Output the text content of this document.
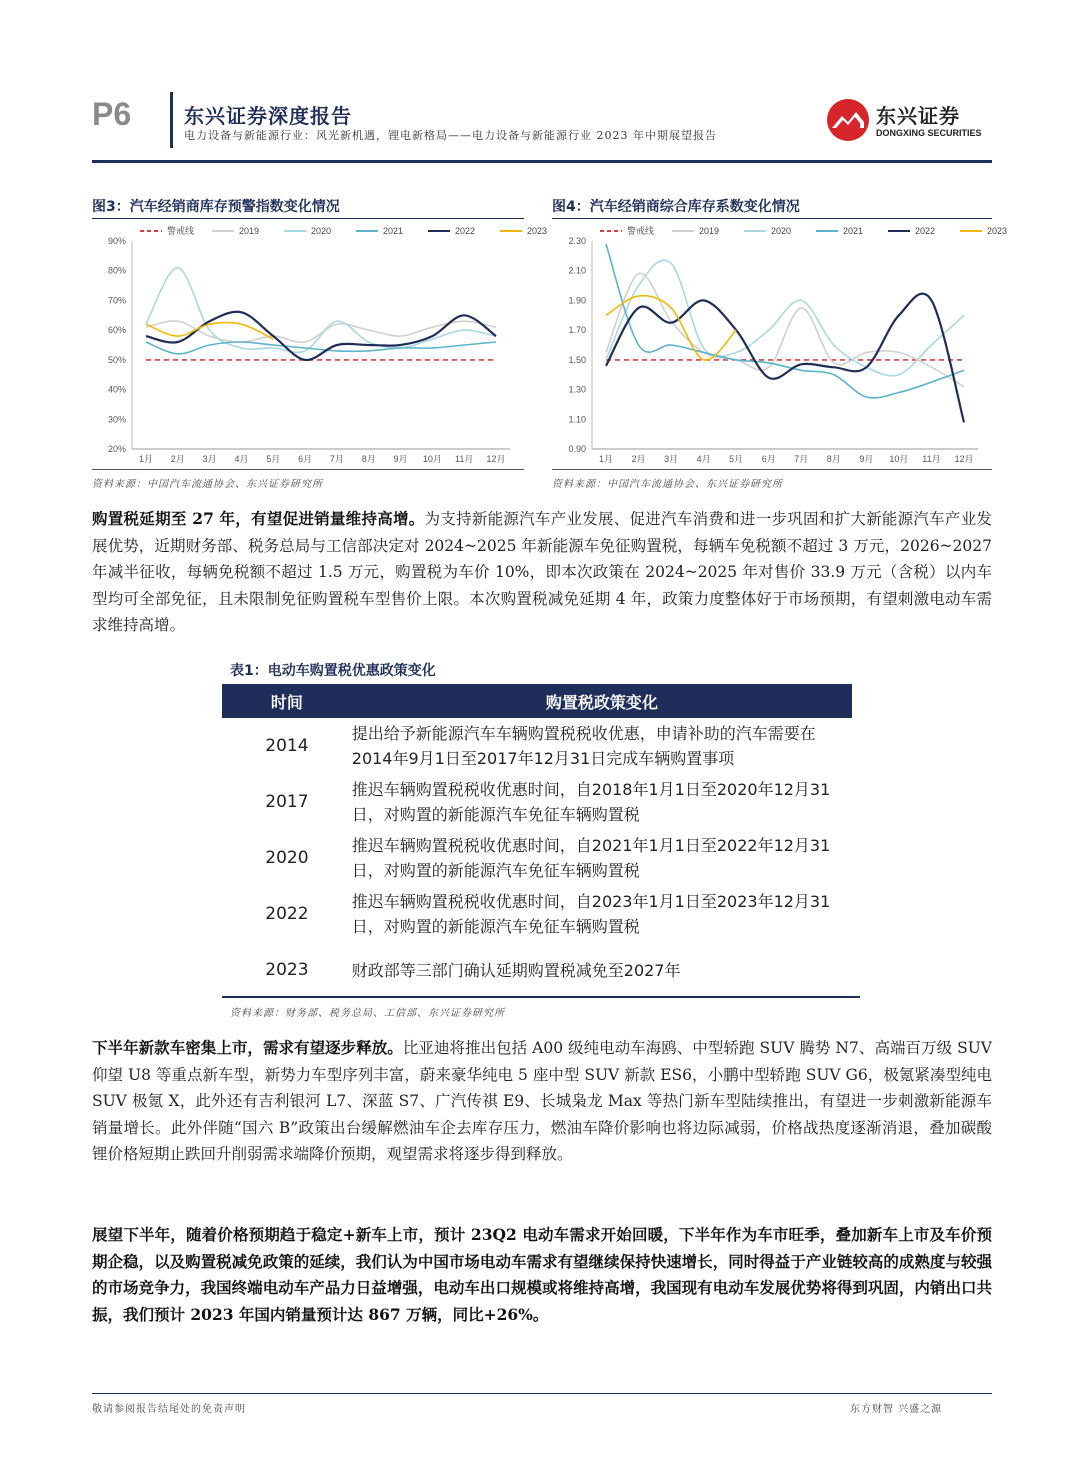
P6	东兴证券深度报告
电力设备与新能源行业：风光新机遇，锂电新格局——电力设备与新能源行业 2023 年中期展望报告
东兴证券
DONGXING SECURITIES
图3：汽车经销商库存预警指数变化情况
90%
80%
70%
60%
50%
40%
30%
20%
1月 2月 3月 4月 5月 6月 7月 8月 9月 10月 11月 12月
警戒线	2019	2020	2021	2022	2023
资料来源：中国汽车流通协会、东兴证券研究所
图4：汽车经销商综合库存系数变化情况
2.30
2.10
1.90
1.70
1.50
1.30
1.10
0.90
1月 2月 3月 4月 5月 6月 7月 8月 9月 10月 11月 12月
警戒线	2019	2020	2021	2022	2023
资料来源：中国汽车流通协会、东兴证券研究所
购置税延期至 27 年，有望促进销量维持高增。为支持新能源汽车产业发展、促进汽车消费和进一步巩固和扩大新能源汽车产业发展优势，近期财务部、税务总局与工信部决定对 2024~2025 年新能源车免征购置税，每辆车免税额不超过 3 万元，2026~2027 年减半征收，每辆免税额不超过 1.5 万元，购置税为车价 10%，即本次政策在 2024~2025 年对售价 33.9 万元（含税）以内车型均可全部免征，且未限制免征购置税车型售价上限。本次购置税减免延期 4 年，政策力度整体好于市场预期，有望刺激电动车需求维持高增。
表1：电动车购置税优惠政策变化
时间	购置税政策变化
2014	提出给予新能源汽车车辆购置税税收优惠，申请补助的汽车需要在2014年9月1日至2017年12月31日完成车辆购置事项
2017	推迟车辆购置税税收优惠时间，自2018年1月1日至2020年12月31日，对购置的新能源汽车免征车辆购置税
2020	推迟车辆购置税税收优惠时间，自2021年1月1日至2022年12月31日，对购置的新能源汽车免征车辆购置税
2022	推迟车辆购置税税收优惠时间，自2023年1月1日至2023年12月31日，对购置的新能源汽车免征车辆购置税
2023	财政部等三部门确认延期购置税减免至2027年
资料来源：财务部、税务总局、工信部、东兴证券研究所
下半年新款车密集上市，需求有望逐步释放。比亚迪将推出包括 A00 级纯电动车海鸥、中型轿跑 SUV 腾势 N7、高端百万级 SUV 仰望 U8 等重点新车型，新势力车型序列丰富，蔚来豪华纯电 5 座中型 SUV 新款 ES6，小鹏中型轿跑 SUV G6，极氪紧凑型纯电 SUV 极氪 X，此外还有吉利银河 L7、深蓝 S7、广汽传祺 E9、长城枭龙 Max 等热门新车型陆续推出，有望进一步刺激新能源车销量增长。此外伴随“国六 B”政策出台缓解燃油车企去库存压力，燃油车降价影响也将边际减弱，价格战热度逐渐消退，叠加碳酸锂价格短期止跌回升削弱需求端降价预期，观望需求将逐步得到释放。
展望下半年，随着价格预期趋于稳定+新车上市，预计 23Q2 电动车需求开始回暖，下半年作为车市旺季，叠加新车上市及车价预期企稳，以及购置税减免政策的延续，我们认为中国市场电动车需求有望继续保持快速增长，同时得益于产业链较高的成熟度与较强的市场竞争力，我国终端电动车产品力日益增强，电动车出口规模或将维持高增，我国现有电动车发展优势将得到巩固，内销出口共振，我们预计 2023 年国内销量预计达 867 万辆，同比+26%。
敬请参阅报告结尾处的免责声明	东方财智 兴盛之源
